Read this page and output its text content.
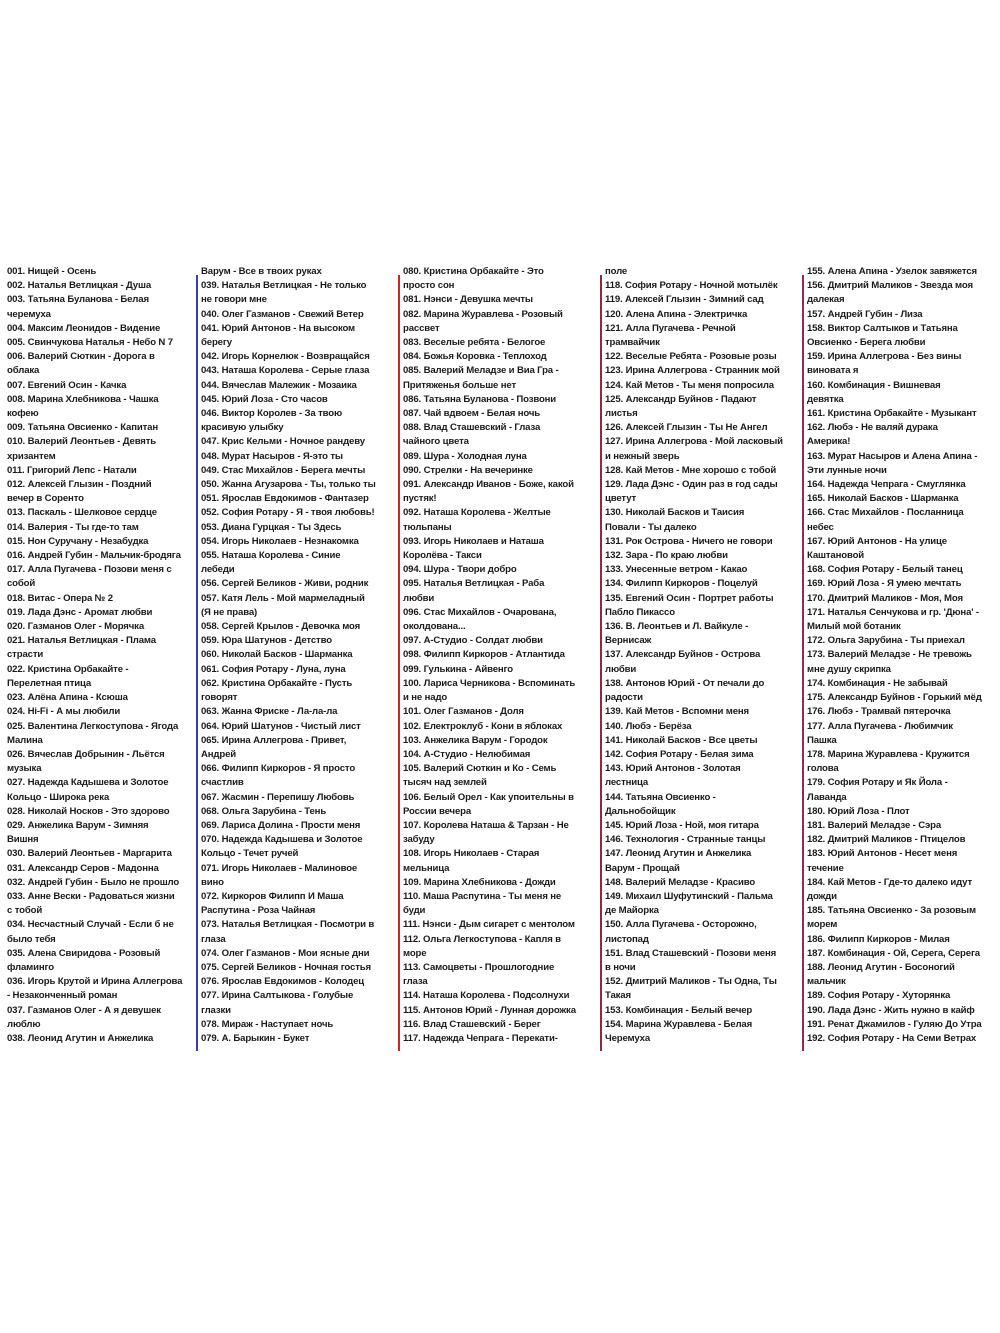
001. Нищей - Осень
002. Наталья Ветлицкая - Душа
003. Татьяна Буланова - Белая
черемуха
004. Максим Леонидов - Видение
005. Свинчукова Наталья - Небо N 7
006. Валерий Сюткин - Дорога в
облака
007. Евгений Осин - Качка
008. Марина Хлебникова - Чашка
кофею
009. Татьяна Овсиенко - Капитан
010. Валерий Леонтьев - Девять
хризантем
011. Григорий Лепс - Натали
012. Алексей Глызин - Поздний
вечер в Соренто
013. Паскаль - Шелковое сердце
014. Валерия - Ты где-то там
015. Нон Суручану - Незабудка
016. Андрей Губин - Мальчик-бродяга
017. Алла Пугачева - Позови меня с
собой
018. Витас - Опера № 2
019. Лада Дэнс - Аромат любви
020. Газманов Олег - Морячка
021. Наталья Ветлицкая - Плама
страсти
022. Кристина Орбакайте -
Перелетная птица
023. Алёна Апина - Ксюша
024. Hi-Fi - А мы любили
025. Валентина Легкоступова - Ягода
Малина
026. Вячеслав Добрынин - Льётся
музыка
027. Надежда Кадышева и Золотое
Кольцо - Широка река
028. Николай Носков - Это здорово
029. Анжелика Варум - Зимняя
Вишня
030. Валерий Леонтьев - Маргарита
031. Александр Серов - Мадонна
032. Андрей Губин - Было не прошло
033. Анне Вески - Радоваться жизни
с тобой
034. Несчастный Случай - Если б не
было тебя
035. Алена Свиридова - Розовый
фламинго
036. Игорь Крутой и Ирина Аллегрова
- Незаконченный роман
037. Газманов Олег - А я девушек
люблю
038. Леонид Агутин и Анжелика
Варум - Все в твоих руках
039. Наталья Ветлицкая - Не только
не говори мне
040. Олег Газманов - Свежий Ветер
041. Юрий Антонов - На высоком
берегу
042. Игорь Корнелюк - Возвращайся
043. Наташа Королева - Серые глаза
044. Вячеслав Малежик - Мозаика
045. Юрий Лоза - Сто часов
046. Виктор Королев - За твою
красивую улыбку
047. Крис Кельми - Ночное рандеву
048. Мурат Насыров - Я-это ты
049. Стас Михайлов - Берега мечты
050. Жанна Агузарова - Ты, только ты
051. Ярослав Евдокимов - Фантазер
052. София Ротару - Я - твоя любовь!
053. Диана Гурцкая - Ты Здесь
054. Игорь Николаев - Незнакомка
055. Наташа Королева - Синие
лебеди
056. Сергей Беликов - Живи, родник
057. Катя Лель - Мой мармеладный
(Я не права)
058. Сергей Крылов - Девочка моя
059. Юра Шатунов - Детство
060. Николай Басков - Шарманка
061. София Ротару - Луна, луна
062. Кристина Орбакайте - Пусть
говорят
063. Жанна Фриске - Ла-ла-ла
064. Юрий Шатунов - Чистый лист
065. Ирина Аллегрова - Привет,
Андрей
066. Филипп Киркоров - Я просто
счастлив
067. Жасмин - Перепишу Любовь
068. Ольга Зарубина - Тень
069. Лариса Долина - Прости меня
070. Надежда Кадышева и Золотое
Кольцо - Течет ручей
071. Игорь Николаев - Малиновое
вино
072. Киркоров Филипп И Маша
Распутина - Роза Чайная
073. Наталья Ветлицкая - Посмотри в
глаза
074. Олег Газманов - Мои ясные дни
075. Сергей Беликов - Ночная гостья
076. Ярослав Евдокимов - Колодец
077. Ирина Салтыкова - Голубые
глазки
078. Мираж - Наступает ночь
079. А. Барыкин - Букет
080. Кристина Орбакайте - Это
просто сон
081. Нэнси - Девушка мечты
082. Марина Журавлева - Розовый
рассвет
083. Веселые ребята - Белогое
084. Божья Коровка - Теплоход
085. Валерий Меладзе и Виа Гра -
Притяженья больше нет
086. Татьяна Буланова - Позвони
087. Чай вдвоем - Белая ночь
088. Влад Сташевский - Глаза
чайного цвета
089. Шура - Холодная луна
090. Стрелки - На вечеринке
091. Александр Иванов - Боже, какой
пустяк!
092. Наташа Королева - Желтые
тюльпаны
093. Игорь Николаев и Наташа
Королёва - Такси
094. Шура - Твори добро
095. Наталья Ветлицкая - Раба
любви
096. Стас Михайлов - Очарована,
околдована...
097. А-Студио - Солдат любви
098. Филипп Киркоров - Атлантида
099. Гулькина - Айвенго
100. Лариса Черникова - Вспоминать
и не надо
101. Олег Газманов - Доля
102. Електроклуб - Кони в яблоках
103. Анжелика Варум - Городок
104. А-Студио - Нелюбимая
105. Валерий Сюткин и Ко - Семь
тысяч над землей
106. Белый Орел - Как упоительны в
России вечера
107. Королева Наташа & Тарзан - Не
забуду
108. Игорь Николаев - Старая
мельница
109. Марина Хлебникова - Дожди
110. Маша Распутина - Ты меня не
буди
111. Нэнси - Дым сигарет с ментолом
112. Ольга Легкоступова - Капля в
море
113. Самоцветы - Прошлогодние
глаза
114. Наташа Королева - Подсолнухи
115. Антонов Юрий - Лунная дорожка
116. Влад Сташевский - Берег
117. Надежда Чепрага - Перекати-
поле
118. София Ротару - Ночной мотылёк
119. Алексей Глызин - Зимний сад
120. Алена Апина - Электричка
121. Алла Пугачева - Речной
трамвайчик
122. Веселые Ребята - Розовые розы
123. Ирина Аллегрова - Странник мой
124. Кай Метов - Ты меня попросила
125. Александр Буйнов - Падают
листья
126. Алексей Глызин - Ты Не Ангел
127. Ирина Аллегрова - Мой ласковый
и нежный зверь
128. Кай Метов - Мне хорошо с тобой
129. Лада Дэнс - Один раз в год сады
цветут
130. Николай Басков и Таисия
Повали - Ты далеко
131. Рок Острова - Ничего не говори
132. Зара - По краю любви
133. Унесенные ветром - Какао
134. Филипп Киркоров - Поцелуй
135. Евгений Осин - Портрет работы
Пабло Пикассо
136. В. Леонтьев и Л. Вайкуле -
Вернисаж
137. Александр Буйнов - Острова
любви
138. Антонов Юрий - От печали до
радости
139. Кай Метов - Вспомни меня
140. Любэ - Берёза
141. Николай Басков - Все цветы
142. София Ротару - Белая зима
143. Юрий Антонов - Золотая
лестница
144. Татьяна Овсиенко -
Дальнобойщик
145. Юрий Лоза - Ной, моя гитара
146. Технология - Странные танцы
147. Леонид Агутин и Анжелика
Варум - Прощай
148. Валерий Меладзе - Красиво
149. Михаил Шуфутинский - Пальма
де Майорка
150. Алла Пугачева - Осторожно,
листопад
151. Влад Сташевский - Позови меня
в ночи
152. Дмитрий Маликов - Ты Одна, Ты
Такая
153. Комбинация - Белый вечер
154. Марина Журавлева - Белая
Черемуха
155. Алена Апина - Узелок завяжется
156. Дмитрий Маликов - Звезда моя
далекая
157. Андрей Губин - Лиза
158. Виктор Салтыков и Татьяна
Овсиенко - Берега любви
159. Ирина Аллегрова - Без вины
виновата я
160. Комбинация - Вишневая
девятка
161. Кристина Орбакайте - Музыкант
162. Любэ - Не валяй дурака
Америка!
163. Мурат Насыров и Алена Апина -
Эти лунные ночи
164. Надежда Чепрага - Смуглянка
165. Николай Басков - Шарманка
166. Стас Михайлов - Посланница
небес
167. Юрий Антонов - На улице
Каштановой
168. София Ротару - Белый танец
169. Юрий Лоза - Я умею мечтать
170. Дмитрий Маликов - Моя, Моя
171. Наталья Сенчукова и гр. 'Дюна' -
Милый мой ботаник
172. Ольга Зарубина - Ты приехал
173. Валерий Меладзе - Не тревожь
мне душу скрипка
174. Комбинация - Не забывай
175. Александр Буйнов - Горький мёд
176. Любэ - Трамвай пятерочка
177. Алла Пугачева - Любимчик
Пашка
178. Марина Журавлева - Кружится
голова
179. София Ротару и Як Йола -
Лаванда
180. Юрий Лоза - Плот
181. Валерий Меладзе - Сэра
182. Дмитрий Маликов - Птицелов
183. Юрий Антонов - Несет меня
течение
184. Кай Метов - Где-то далеко идут
дожди
185. Татьяна Овсиенко - За розовым
морем
186. Филипп Киркоров - Милая
187. Комбинация - Ой, Серега, Серега
188. Леонид Агутин - Босоногий
мальчик
189. София Ротару - Хуторянка
190. Лада Дэнс - Жить нужно в кайф
191. Ренат Джамилов - Гуляю До Утра
192. София Ротару - На Семи Ветрах
